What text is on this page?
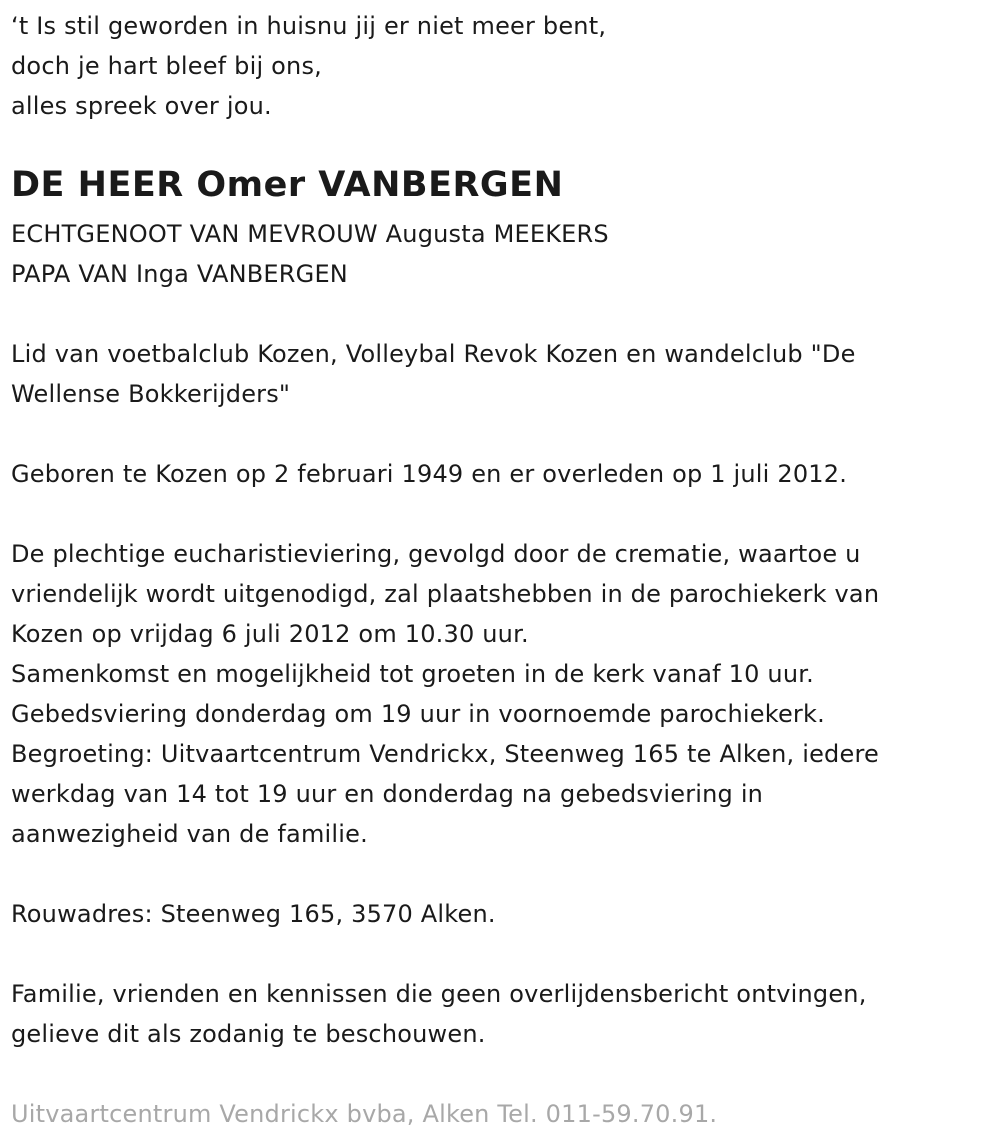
‘t Is stil geworden in huisnu jij er niet meer bent,
doch je hart bleef bij ons,
alles spreek over jou.
DE HEER Omer VANBERGEN
ECHTGENOOT VAN MEVROUW Augusta MEEKERS
PAPA VAN Inga VANBERGEN
Lid van voetbalclub Kozen, Volleybal Revok Kozen en wandelclub "De
Wellense Bokkerijders"
Geboren te Kozen op 2 februari 1949 en er overleden op 1 juli 2012.
De plechtige eucharistieviering, gevolgd door de crematie, waartoe u
vriendelijk wordt uitgenodigd, zal plaatshebben in de parochiekerk van
Kozen op vrijdag 6 juli 2012 om 10.30 uur.
Samenkomst en mogelijkheid tot groeten in de kerk vanaf 10 uur.
Gebedsviering donderdag om 19 uur in voornoemde parochiekerk.
Begroeting: Uitvaartcentrum Vendrickx, Steenweg 165 te Alken, iedere
werkdag van 14 tot 19 uur en donderdag na gebedsviering in
aanwezigheid van de familie.
Rouwadres: Steenweg 165, 3570 Alken.
Familie, vrienden en kennissen die geen overlijdensbericht ontvingen,
gelieve dit als zodanig te beschouwen.
Uitvaartcentrum Vendrickx bvba, Alken Tel. 011-59.70.91.
